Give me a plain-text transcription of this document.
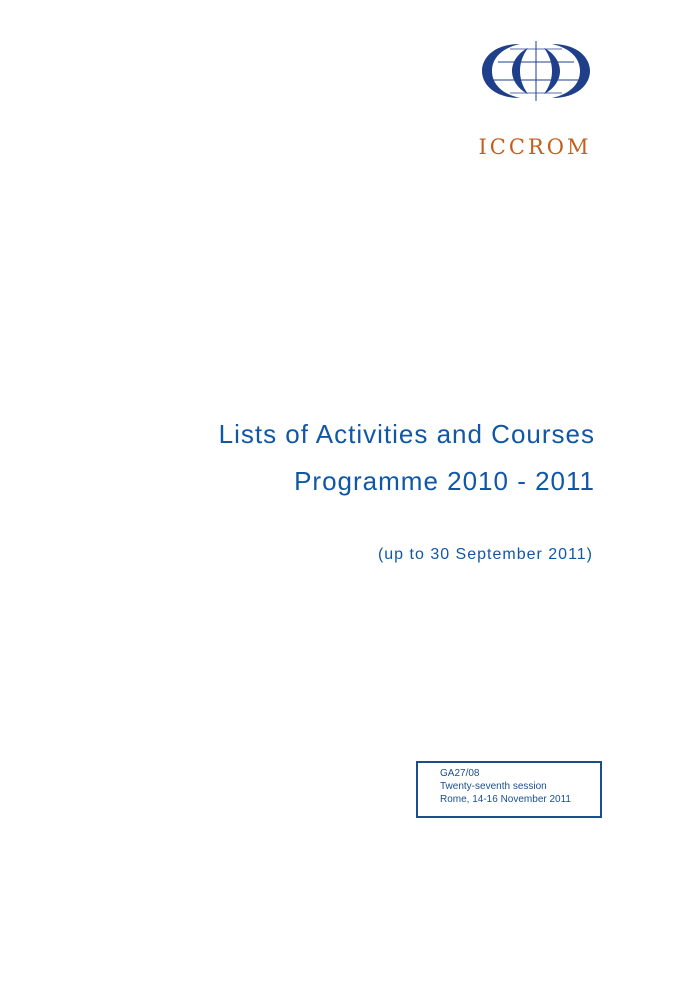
ICCROM
Lists of Activities and Courses
Programme 2010 - 2011
(up to 30 September 2011)
GA27/08
Twenty-seventh session
Rome, 14-16 November 2011
